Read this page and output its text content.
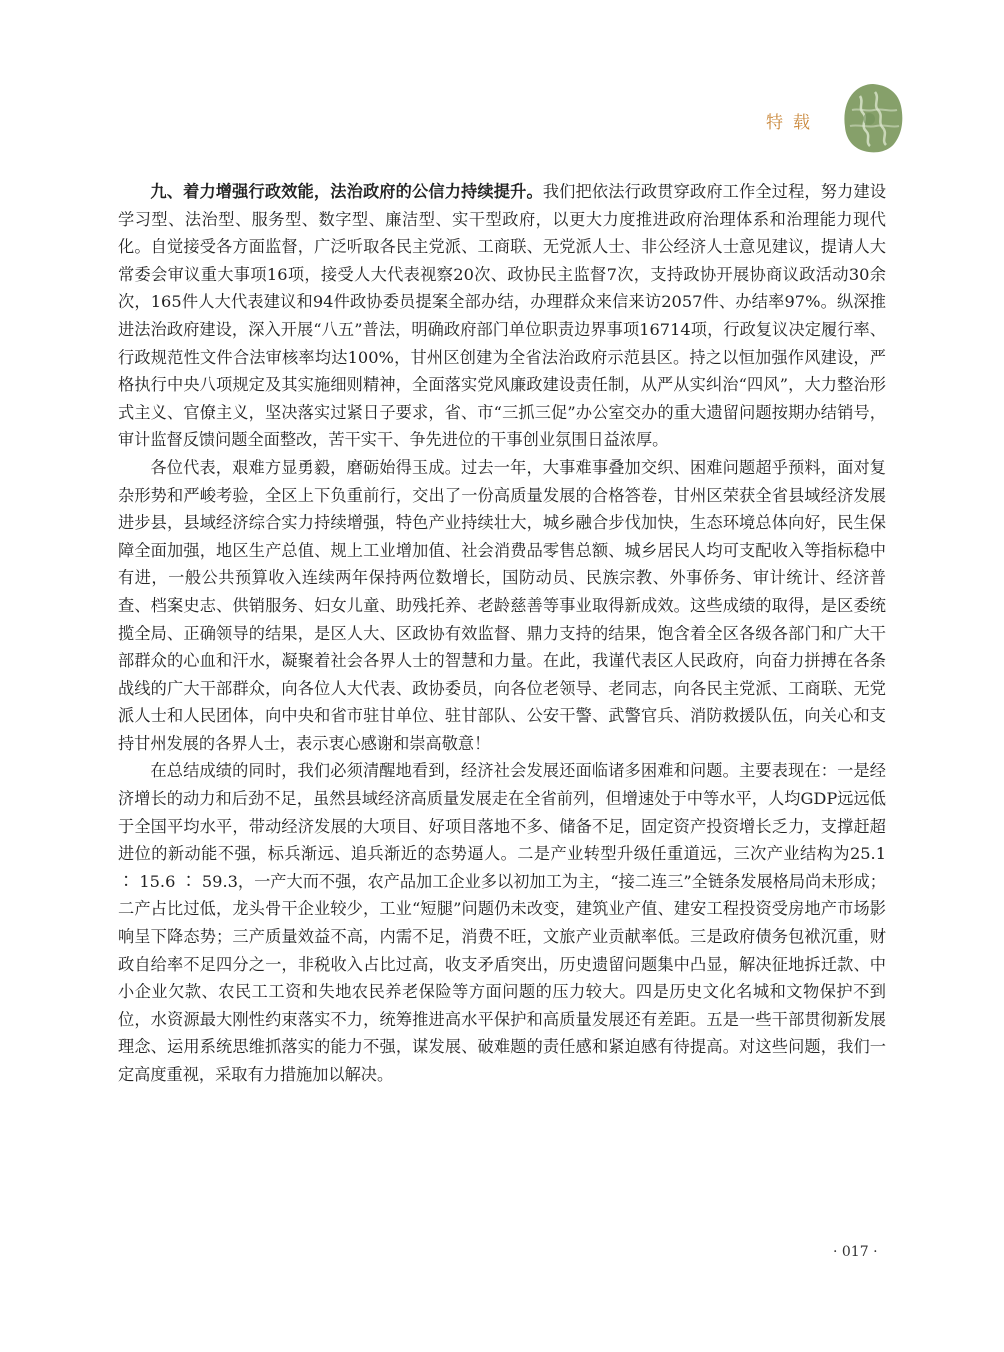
特载

九、着力增强行政效能，法治政府的公信力持续提升。我们把依法行政贯穿政府工作全过程，努力建设学习型、法治型、服务型、数字型、廉洁型、实干型政府，以更大力度推进政府治理体系和治理能力现代化。自觉接受各方面监督，广泛听取各民主党派、工商联、无党派人士、非公经济人士意见建议，提请人大常委会审议重大事项16项，接受人大代表视察20次、政协民主监督7次，支持政协开展协商议政活动30余次，165件人大代表建议和94件政协委员提案全部办结，办理群众来信来访2057件、办结率97%。纵深推进法治政府建设，深入开展“八五”普法，明确政府部门单位职责边界事项16714项，行政复议决定履行率、行政规范性文件合法审核率均达100%，甘州区创建为全省法治政府示范县区。持之以恒加强作风建设，严格执行中央八项规定及其实施细则精神，全面落实党风廉政建设责任制，从严从实纠治“四风”，大力整治形式主义、官僚主义，坚决落实过紧日子要求，省、市“三抓三促”办公室交办的重大遗留问题按期办结销号，审计监督反馈问题全面整改，苦干实干、争先进位的干事创业氛围日益浓厚。

各位代表，艰难方显勇毅，磨砺始得玉成。过去一年，大事难事叠加交织、困难问题超乎预料，面对复杂形势和严峻考验，全区上下负重前行，交出了一份高质量发展的合格答卷，甘州区荣获全省县域经济发展进步县，县域经济综合实力持续增强，特色产业持续壮大，城乡融合步伐加快，生态环境总体向好，民生保障全面加强，地区生产总值、规上工业增加值、社会消费品零售总额、城乡居民人均可支配收入等指标稳中有进，一般公共预算收入连续两年保持两位数增长，国防动员、民族宗教、外事侨务、审计统计、经济普查、档案史志、供销服务、妇女儿童、助残托养、老龄慈善等事业取得新成效。这些成绩的取得，是区委统揽全局、正确领导的结果，是区人大、区政协有效监督、鼎力支持的结果，饱含着全区各级各部门和广大干部群众的心血和汗水，凝聚着社会各界人士的智慧和力量。在此，我谨代表区人民政府，向奋力拼搏在各条战线的广大干部群众，向各位人大代表、政协委员，向各位老领导、老同志，向各民主党派、工商联、无党派人士和人民团体，向中央和省市驻甘单位、驻甘部队、公安干警、武警官兵、消防救援队伍，向关心和支持甘州发展的各界人士，表示衷心感谢和崇高敬意！

在总结成绩的同时，我们必须清醒地看到，经济社会发展还面临诸多困难和问题。主要表现在：一是经济增长的动力和后劲不足，虽然县域经济高质量发展走在全省前列，但增速处于中等水平，人均GDP远远低于全国平均水平，带动经济发展的大项目、好项目落地不多、储备不足，固定资产投资增长乏力，支撑赶超进位的新动能不强，标兵渐远、追兵渐近的态势逼人。二是产业转型升级任重道远，三次产业结构为25.1 ∶ 15.6 ∶ 59.3，一产大而不强，农产品加工企业多以初加工为主，“接二连三”全链条发展格局尚未形成；二产占比过低，龙头骨干企业较少，工业“短腿”问题仍未改变，建筑业产值、建安工程投资受房地产市场影响呈下降态势；三产质量效益不高，内需不足，消费不旺，文旅产业贡献率低。三是政府债务包袱沉重，财政自给率不足四分之一，非税收入占比过高，收支矛盾突出，历史遗留问题集中凸显，解决征地拆迁款、中小企业欠款、农民工工资和失地农民养老保险等方面问题的压力较大。四是历史文化名城和文物保护不到位，水资源最大刚性约束落实不力，统筹推进高水平保护和高质量发展还有差距。五是一些干部贯彻新发展理念、运用系统思维抓落实的能力不强，谋发展、破难题的责任感和紧迫感有待提高。对这些问题，我们一定高度重视，采取有力措施加以解决。

· 017 ·
